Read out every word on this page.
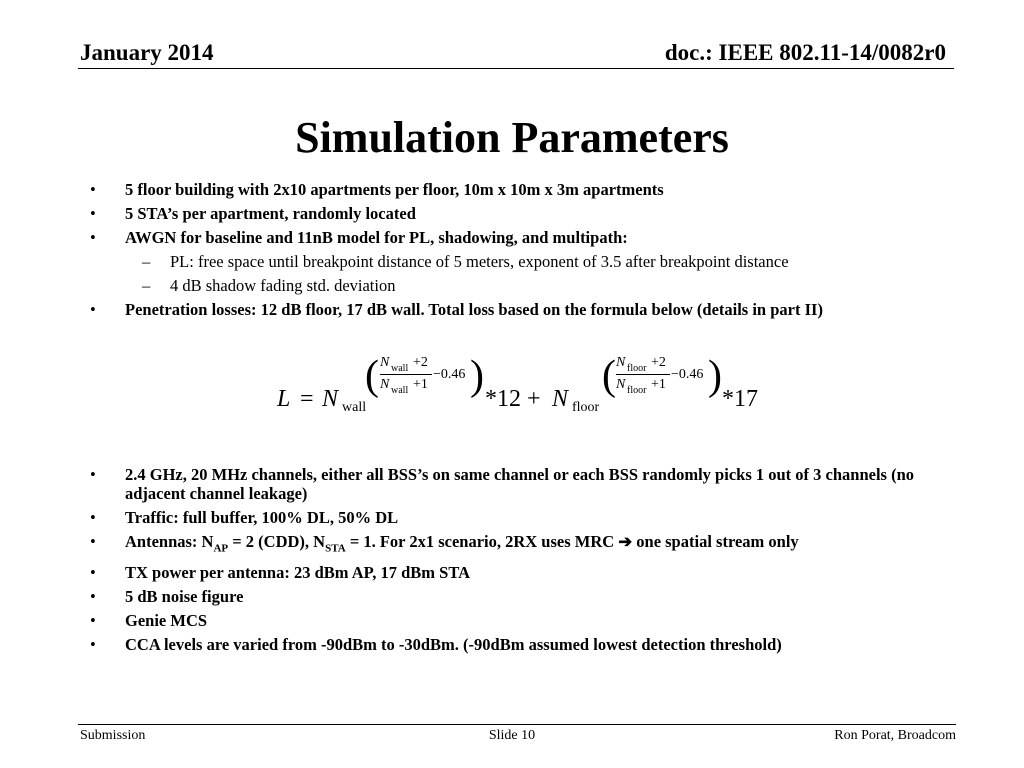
January 2014	doc.: IEEE 802.11-14/0082r0
Simulation Parameters
• 5 floor building with 2x10 apartments per floor, 10m x 10m x 3m apartments
• 5 STA’s per apartment, randomly located
• AWGN for baseline and 11nB model for PL, shadowing, and multipath:
– PL: free space until breakpoint distance of 5 meters, exponent of 3.5 after breakpoint distance
– 4 dB shadow fading std. deviation
• Penetration losses: 12 dB floor, 17 dB wall. Total loss based on the formula below (details in part II)
L = N wall
( N wall +2
N wall +1
−0.46 ) *12 + N floor
( N floor +2
N floor +1
−0.46 ) *17
• 2.4 GHz, 20 MHz channels, either all BSS’s on same channel or each BSS randomly picks 1 out of 3 channels (no adjacent channel leakage)
• Traffic: full buffer, 100% DL, 50% DL
• Antennas: $N_{AP} = 2$ (CDD), $N_{STA} = 1$. For 2x1 scenario, 2RX uses MRC ➔ one spatial stream only
• TX power per antenna: 23 dBm AP, 17 dBm STA
• 5 dB noise figure
• Genie MCS
• CCA levels are varied from -90dBm to -30dBm. (-90dBm assumed lowest detection threshold)
Submission	Slide 10	Ron Porat, Broadcom
